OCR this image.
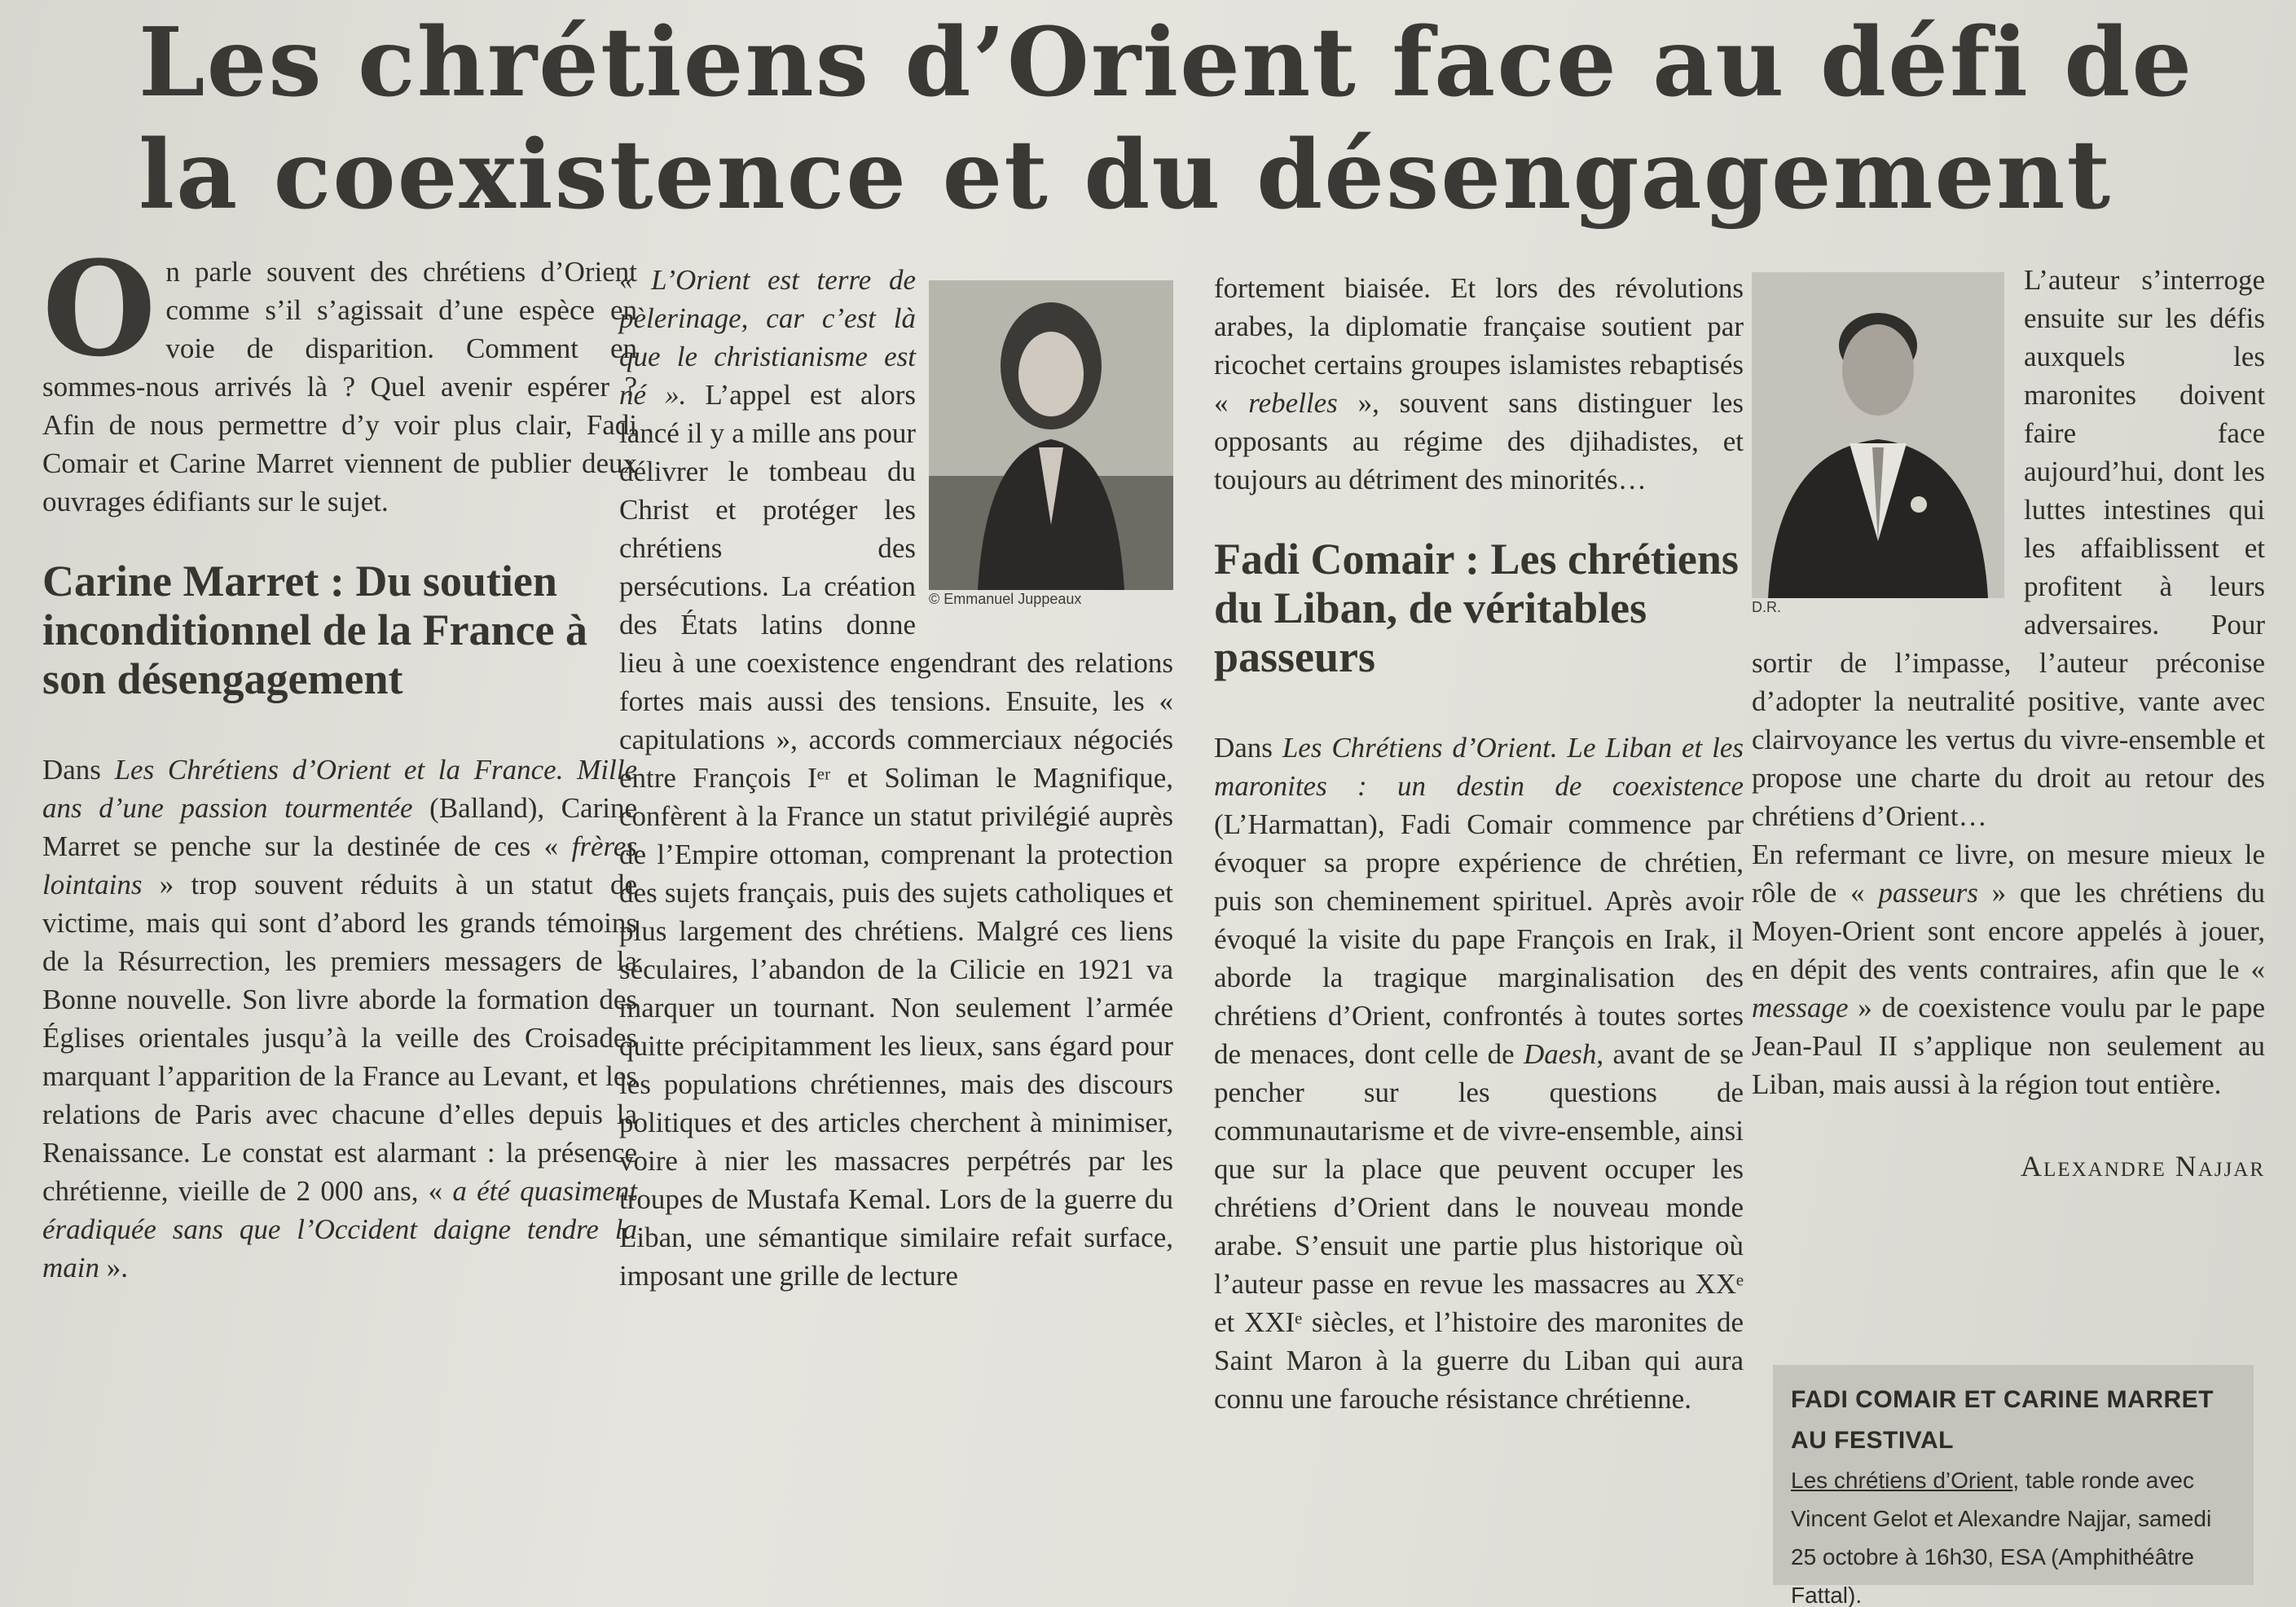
Les chrétiens d’Orient face au défi de la coexistence et du désengagement

On parle souvent des chrétiens d’Orient comme s’il s’agissait d’une espèce en voie de disparition. Comment en sommes-nous arrivés là ? Quel avenir espérer ? Afin de nous permettre d’y voir plus clair, Fadi Comair et Carine Marret viennent de publier deux ouvrages édifiants sur le sujet.

Carine Marret : Du soutien inconditionnel de la France à son désengagement

Dans Les Chrétiens d’Orient et la France. Mille ans d’une passion tourmentée (Balland), Carine Marret se penche sur la destinée de ces « frères lointains » trop souvent réduits à un statut de victime, mais qui sont d’abord les grands témoins de la Résurrection, les premiers messagers de la Bonne nouvelle. Son livre aborde la formation des Églises orientales jusqu’à la veille des Croisades marquant l’apparition de la France au Levant, et les relations de Paris avec chacune d’elles depuis la Renaissance. Le constat est alarmant : la présence chrétienne, vieille de 2 000 ans, « a été quasiment éradiquée sans que l’Occident daigne tendre la main ».

© Emmanuel Juppeaux

« L’Orient est terre de pèlerinage, car c’est là que le christianisme est né ». L’appel est alors lancé il y a mille ans pour délivrer le tombeau du Christ et protéger les chrétiens des persécutions. La création des États latins donne lieu à une coexistence engendrant des relations fortes mais aussi des tensions. Ensuite, les « capitulations », accords commerciaux négociés entre François Iᵉʳ et Soliman le Magnifique, confèrent à la France un statut privilégié auprès de l’Empire ottoman, comprenant la protection des sujets français, puis des sujets catholiques et plus largement des chrétiens. Malgré ces liens séculaires, l’abandon de la Cilicie en 1921 va marquer un tournant. Non seulement l’armée quitte précipitamment les lieux, sans égard pour les populations chrétiennes, mais des discours politiques et des articles cherchent à minimiser, voire à nier les massacres perpétrés par les troupes de Mustafa Kemal. Lors de la guerre du Liban, une sémantique similaire refait surface, imposant une grille de lecture

fortement biaisée. Et lors des révolutions arabes, la diplomatie française soutient par ricochet certains groupes islamistes rebaptisés « rebelles », souvent sans distinguer les opposants au régime des djihadistes, et toujours au détriment des minorités…

Fadi Comair : Les chrétiens du Liban, de véritables passeurs

Dans Les Chrétiens d’Orient. Le Liban et les maronites : un destin de coexistence (L’Harmattan), Fadi Comair commence par évoquer sa propre expérience de chrétien, puis son cheminement spirituel. Après avoir évoqué la visite du pape François en Irak, il aborde la tragique marginalisation des chrétiens d’Orient, confrontés à toutes sortes de menaces, dont celle de Daesh, avant de se pencher sur les questions de communautarisme et de vivre-ensemble, ainsi que sur la place que peuvent occuper les chrétiens d’Orient dans le nouveau monde arabe. S’ensuit une partie plus historique où l’auteur passe en revue les massacres au XXᵉ et XXIᵉ siècles, et l’histoire des maronites de Saint Maron à la guerre du Liban qui aura connu une farouche résistance chrétienne.

D.R.

L’auteur s’interroge ensuite sur les défis auxquels les maronites doivent faire face aujourd’hui, dont les luttes intestines qui les affaiblissent et profitent à leurs adversaires. Pour sortir de l’impasse, l’auteur préconise d’adopter la neutralité positive, vante avec clairvoyance les vertus du vivre-ensemble et propose une charte du droit au retour des chrétiens d’Orient…

En refermant ce livre, on mesure mieux le rôle de « passeurs » que les chrétiens du Moyen-Orient sont encore appelés à jouer, en dépit des vents contraires, afin que le « message » de coexistence voulu par le pape Jean-Paul II s’applique non seulement au Liban, mais aussi à la région tout entière.

Alexandre Najjar

FADI COMAIR ET CARINE MARRET AU FESTIVAL
Les chrétiens d’Orient, table ronde avec Vincent Gelot et Alexandre Najjar, samedi 25 octobre à 16h30, ESA (Amphithéâtre Fattal).
